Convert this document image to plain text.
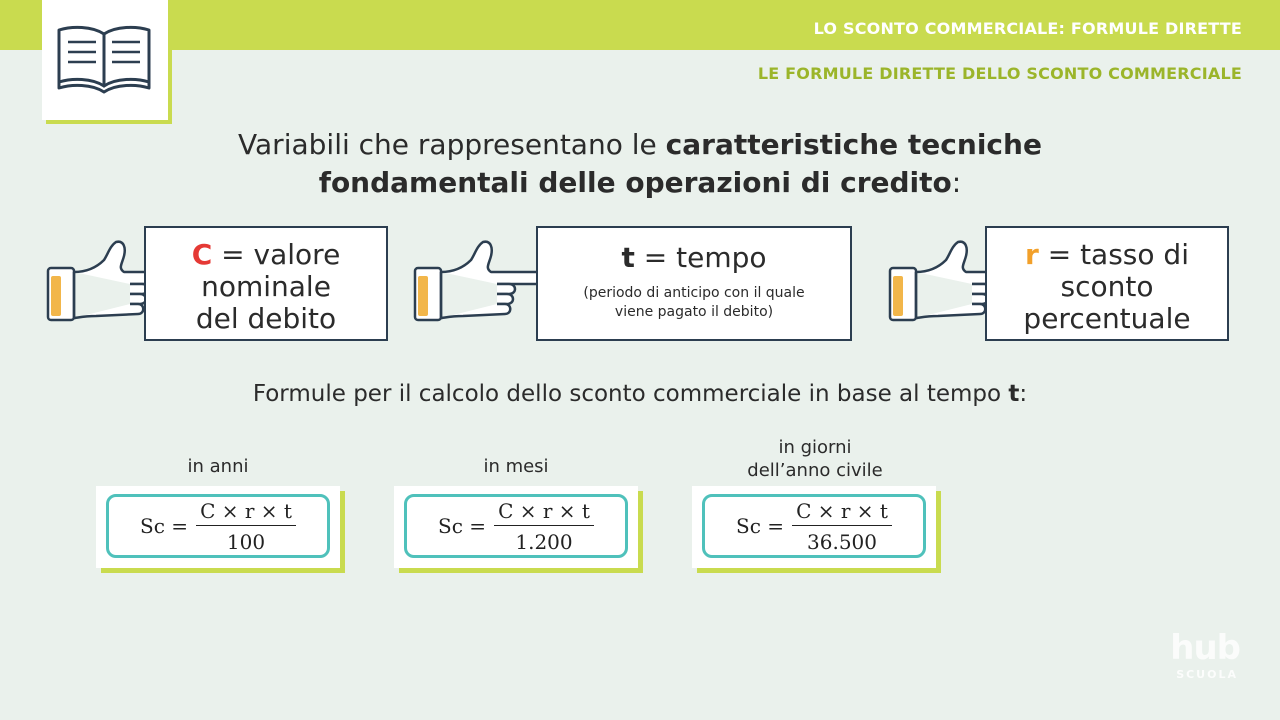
LO SCONTO COMMERCIALE: FORMULE DIRETTE
LE FORMULE DIRETTE DELLO SCONTO COMMERCIALE
Variabili che rappresentano le caratteristiche tecniche
fondamentali delle operazioni di credito:
C = valore
nominale
del debito
t = tempo
(periodo di anticipo con il quale
viene pagato il debito)
r = tasso di
sconto
percentuale
Formule per il calcolo dello sconto commerciale in base al tempo t:
in anni
$Sc = \frac{C \times r \times t}{100}$
in mesi
$Sc = \frac{C \times r \times t}{1.200}$
in giorni
dell’anno civile
$Sc = \frac{C \times r \times t}{36.500}$
hub
SCUOLA
